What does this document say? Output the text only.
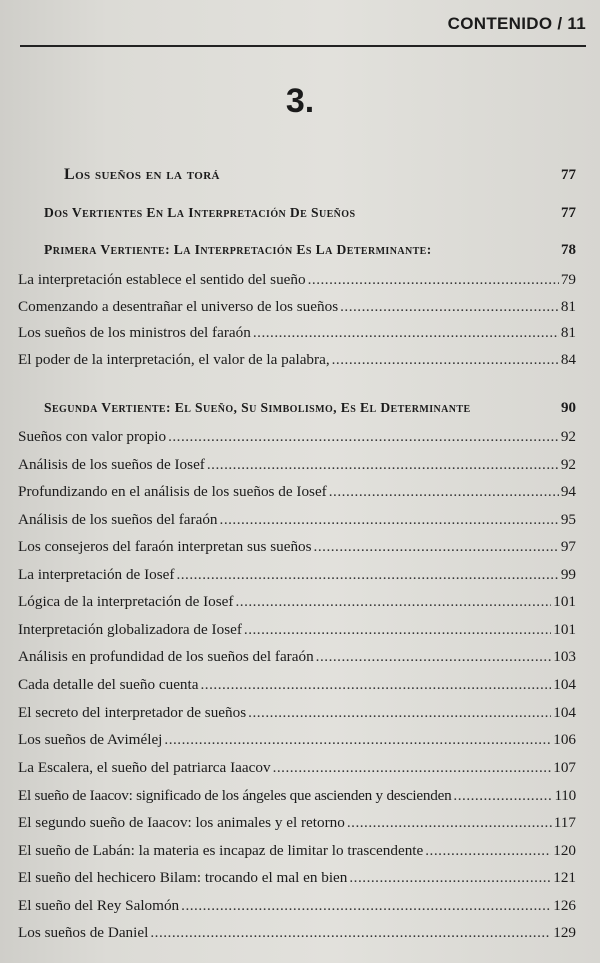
CONTENIDO / 11
3.
Los sueños en la torá	77
Dos Vertientes En La Interpretación De Sueños	77
Primera Vertiente: La Interpretación Es La Determinante:	78
La interpretación establece el sentido del sueño .....	79
Comenzando a desentrañar el universo de los sueños .....	81
Los sueños de los ministros del faraón .....	81
El poder de la interpretación, el valor de la palabra, .....	84
Segunda Vertiente: El Sueño, Su Simbolismo, Es El Determinante	90
Sueños con valor propio .....	92
Análisis de los sueños de Iosef .....	92
Profundizando en el análisis de los sueños de Iosef .....	94
Análisis de los sueños del faraón .....	95
Los consejeros del faraón interpretan sus sueños .....	97
La interpretación de Iosef .....	99
Lógica de la interpretación de Iosef .....	101
Interpretación globalizadora de Iosef .....	101
Análisis en profundidad de los sueños del faraón .....	103
Cada detalle del sueño cuenta .....	104
El secreto del interpretador de sueños .....	104
Los sueños de Avimélej .....	106
La Escalera, el sueño del patriarca Iaacov .....	107
El sueño de Iaacov: significado de los ángeles que ascienden y descienden .....	110
El segundo sueño de Iaacov: los animales y el retorno .....	117
El sueño de Labán: la materia es incapaz de limitar lo trascendente .....	120
El sueño del hechicero Bilam: trocando el mal en bien .....	121
El sueño del Rey Salomón .....	126
Los sueños de Daniel .....	129
